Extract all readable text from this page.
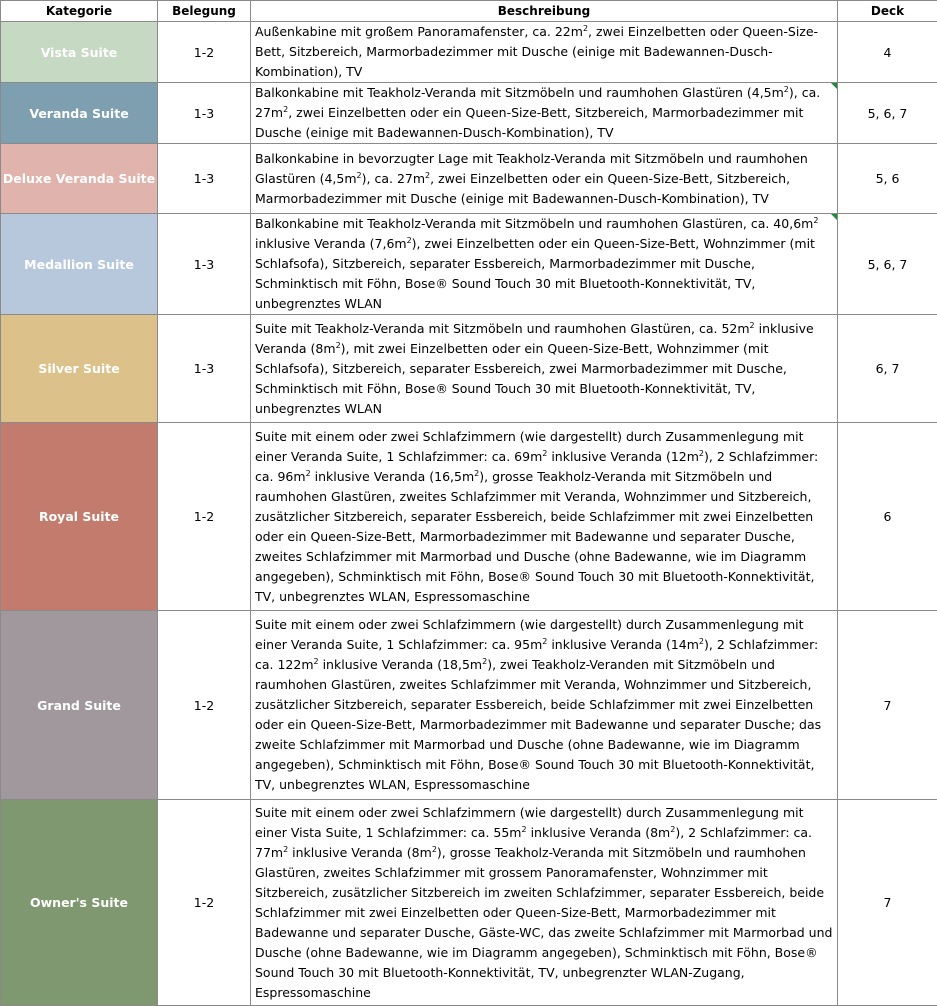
Kategorie	Belegung	Beschreibung	Deck
Vista Suite	1-2	Außenkabine mit großem Panoramafenster, ca. $22m^2$, zwei Einzelbetten oder Queen-Size-Bett, Sitzbereich, Marmorbadezimmer mit Dusche (einige mit Badewannen-Dusch-Kombination), TV	4
Veranda Suite	1-3	Balkonkabine mit Teakholz-Veranda mit Sitzmöbeln und raumhohen Glastüren $(4,5m^2)$, ca. $27m^2$, zwei Einzelbetten oder ein Queen-Size-Bett, Sitzbereich, Marmorbadezimmer mit Dusche (einige mit Badewannen-Dusch-Kombination), TV	5, 6, 7
Deluxe Veranda Suite	1-3	Balkonkabine in bevorzugter Lage mit Teakholz-Veranda mit Sitzmöbeln und raumhohen Glastüren $(4,5m^2)$, ca. $27m^2$, zwei Einzelbetten oder ein Queen-Size-Bett, Sitzbereich, Marmorbadezimmer mit Dusche (einige mit Badewannen-Dusch-Kombination), TV	5, 6
Medallion Suite	1-3	Balkonkabine mit Teakholz-Veranda mit Sitzmöbeln und raumhohen Glastüren, ca. $40,6m^2$ inklusive Veranda $(7,6m^2)$, zwei Einzelbetten oder ein Queen-Size-Bett, Wohnzimmer (mit Schlafsofa), Sitzbereich, separater Essbereich, Marmorbadezimmer mit Dusche, Schminktisch mit Föhn, Bose® Sound Touch 30 mit Bluetooth-Konnektivität, TV, unbegrenztes WLAN	5, 6, 7
Silver Suite	1-3	Suite mit Teakholz-Veranda mit Sitzmöbeln und raumhohen Glastüren, ca. $52m^2$ inklusive Veranda $(8m^2)$, mit zwei Einzelbetten oder ein Queen-Size-Bett, Wohnzimmer (mit Schlafsofa), Sitzbereich, separater Essbereich, zwei Marmorbadezimmer mit Dusche, Schminktisch mit Föhn, Bose® Sound Touch 30 mit Bluetooth-Konnektivität, TV, unbegrenztes WLAN	6, 7
Royal Suite	1-2	Suite mit einem oder zwei Schlafzimmern (wie dargestellt) durch Zusammenlegung mit einer Veranda Suite, 1 Schlafzimmer: ca. $69m^2$ inklusive Veranda $(12m^2)$, 2 Schlafzimmer: ca. $96m^2$ inklusive Veranda $(16,5m^2)$, grosse Teakholz-Veranda mit Sitzmöbeln und raumhohen Glastüren, zweites Schlafzimmer mit Veranda, Wohnzimmer und Sitzbereich, zusätzlicher Sitzbereich, separater Essbereich, beide Schlafzimmer mit zwei Einzelbetten oder ein Queen-Size-Bett, Marmorbadezimmer mit Badewanne und separater Dusche, zweites Schlafzimmer mit Marmorbad und Dusche (ohne Badewanne, wie im Diagramm angegeben), Schminktisch mit Föhn, Bose® Sound Touch 30 mit Bluetooth-Konnektivität, TV, unbegrenztes WLAN, Espressomaschine	6
Grand Suite	1-2	Suite mit einem oder zwei Schlafzimmern (wie dargestellt) durch Zusammenlegung mit einer Veranda Suite, 1 Schlafzimmer: ca. $95m^2$ inklusive Veranda $(14m^2)$, 2 Schlafzimmer: ca. $122m^2$ inklusive Veranda $(18,5m^2)$, zwei Teakholz-Veranden mit Sitzmöbeln und raumhohen Glastüren, zweites Schlafzimmer mit Veranda, Wohnzimmer und Sitzbereich, zusätzlicher Sitzbereich, separater Essbereich, beide Schlafzimmer mit zwei Einzelbetten oder ein Queen-Size-Bett, Marmorbadezimmer mit Badewanne und separater Dusche; das zweite Schlafzimmer mit Marmorbad und Dusche (ohne Badewanne, wie im Diagramm angegeben), Schminktisch mit Föhn, Bose® Sound Touch 30 mit Bluetooth-Konnektivität, TV, unbegrenztes WLAN, Espressomaschine	7
Owner's Suite	1-2	Suite mit einem oder zwei Schlafzimmern (wie dargestellt) durch Zusammenlegung mit einer Vista Suite, 1 Schlafzimmer: ca. $55m^2$ inklusive Veranda $(8m^2)$, 2 Schlafzimmer: ca. $77m^2$ inklusive Veranda $(8m^2)$, grosse Teakholz-Veranda mit Sitzmöbeln und raumhohen Glastüren, zweites Schlafzimmer mit grossem Panoramafenster, Wohnzimmer mit Sitzbereich, zusätzlicher Sitzbereich im zweiten Schlafzimmer, separater Essbereich, beide Schlafzimmer mit zwei Einzelbetten oder Queen-Size-Bett, Marmorbadezimmer mit Badewanne und separater Dusche, Gäste-WC, das zweite Schlafzimmer mit Marmorbad und Dusche (ohne Badewanne, wie im Diagramm angegeben), Schminktisch mit Föhn, Bose® Sound Touch 30 mit Bluetooth-Konnektivität, TV, unbegrenzter WLAN-Zugang, Espressomaschine	7
